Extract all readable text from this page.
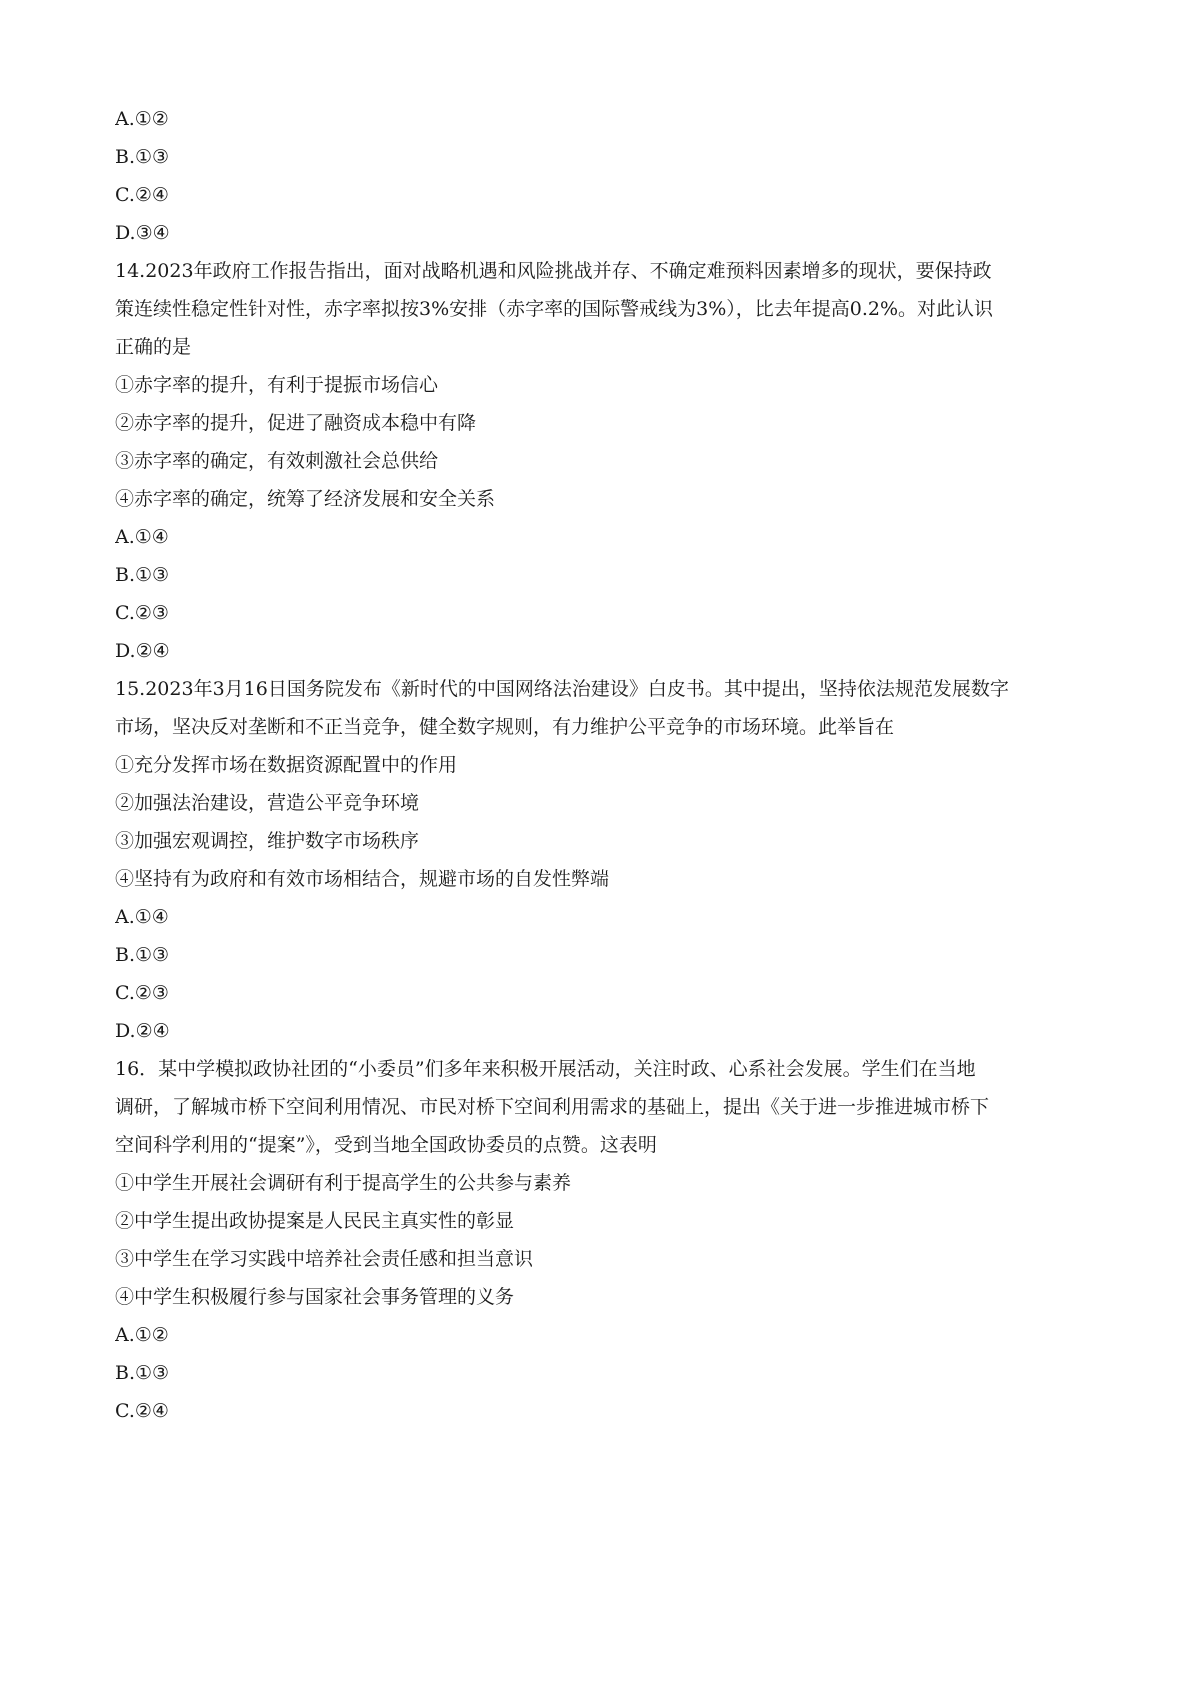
A.①②
B.①③
C.②④
D.③④
14.2023年政府工作报告指出，面对战略机遇和风险挑战并存、不确定难预料因素增多的现状，要保持政
策连续性稳定性针对性，赤字率拟按3%安排（赤字率的国际警戒线为3%），比去年提高0.2%。对此认识
正确的是
①赤字率的提升，有利于提振市场信心
②赤字率的提升，促进了融资成本稳中有降
③赤字率的确定，有效刺激社会总供给
④赤字率的确定，统筹了经济发展和安全关系
A.①④
B.①③
C.②③
D.②④
15.2023年3月16日国务院发布《新时代的中国网络法治建设》白皮书。其中提出，坚持依法规范发展数字
市场，坚决反对垄断和不正当竞争，健全数字规则，有力维护公平竞争的市场环境。此举旨在
①充分发挥市场在数据资源配置中的作用
②加强法治建设，营造公平竞争环境
③加强宏观调控，维护数字市场秩序
④坚持有为政府和有效市场相结合，规避市场的自发性弊端
A.①④
B.①③
C.②③
D.②④
16．某中学模拟政协社团的“小委员”们多年来积极开展活动，关注时政、心系社会发展。学生们在当地
调研，了解城市桥下空间利用情况、市民对桥下空间利用需求的基础上，提出《关于进一步推进城市桥下
空间科学利用的“提案”》，受到当地全国政协委员的点赞。这表明
①中学生开展社会调研有利于提高学生的公共参与素养
②中学生提出政协提案是人民民主真实性的彰显
③中学生在学习实践中培养社会责任感和担当意识
④中学生积极履行参与国家社会事务管理的义务
A.①②
B.①③
C.②④
